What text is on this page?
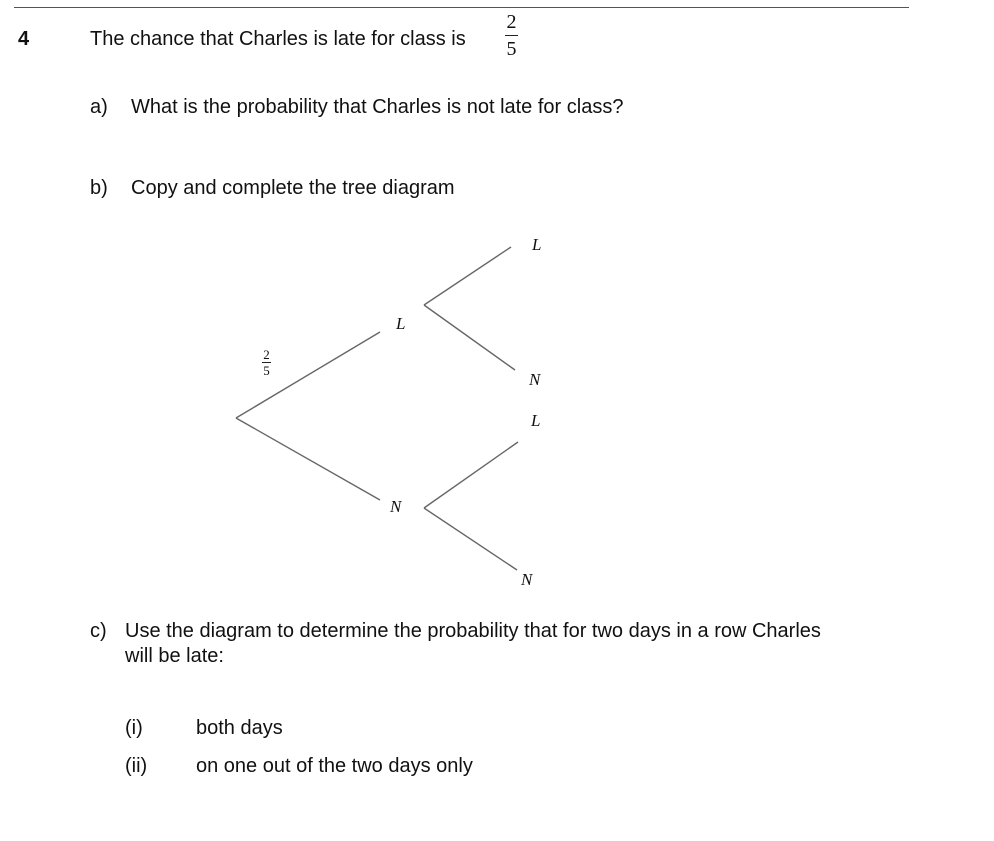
4	The chance that Charles is late for class is
2
5
a) What is the probability that Charles is not late for class?
b) Copy and complete the tree diagram
2
5
L
N
L
N
L
N
c) Use the diagram to determine the probability that for two days in a row Charles
will be late:
(i)	both days
(ii) on one out of the two days only
